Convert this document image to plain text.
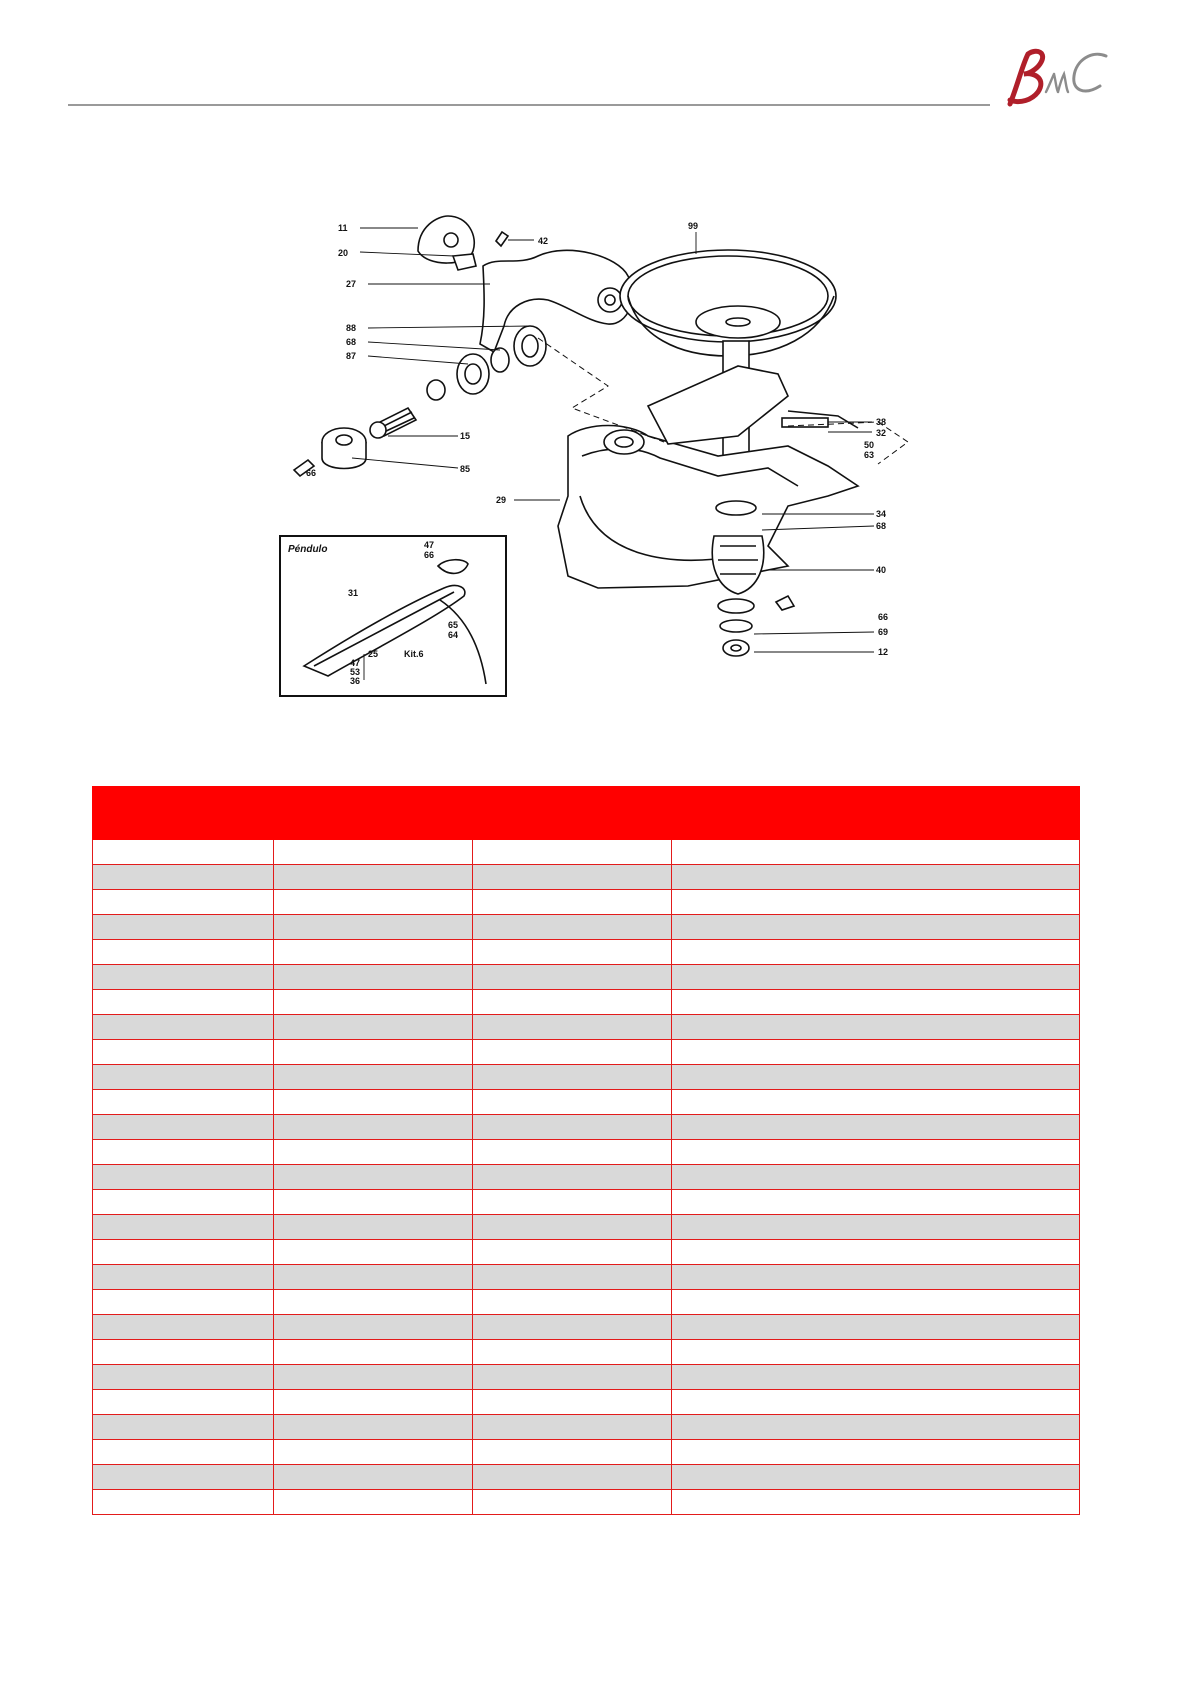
11
42
20
99
27
88
68
87
38
32
50
63
15
85
66
29
34
68
47
66
31
40
65
64
25	Kit.6
47
53
36
66
69
12
Péndulo
